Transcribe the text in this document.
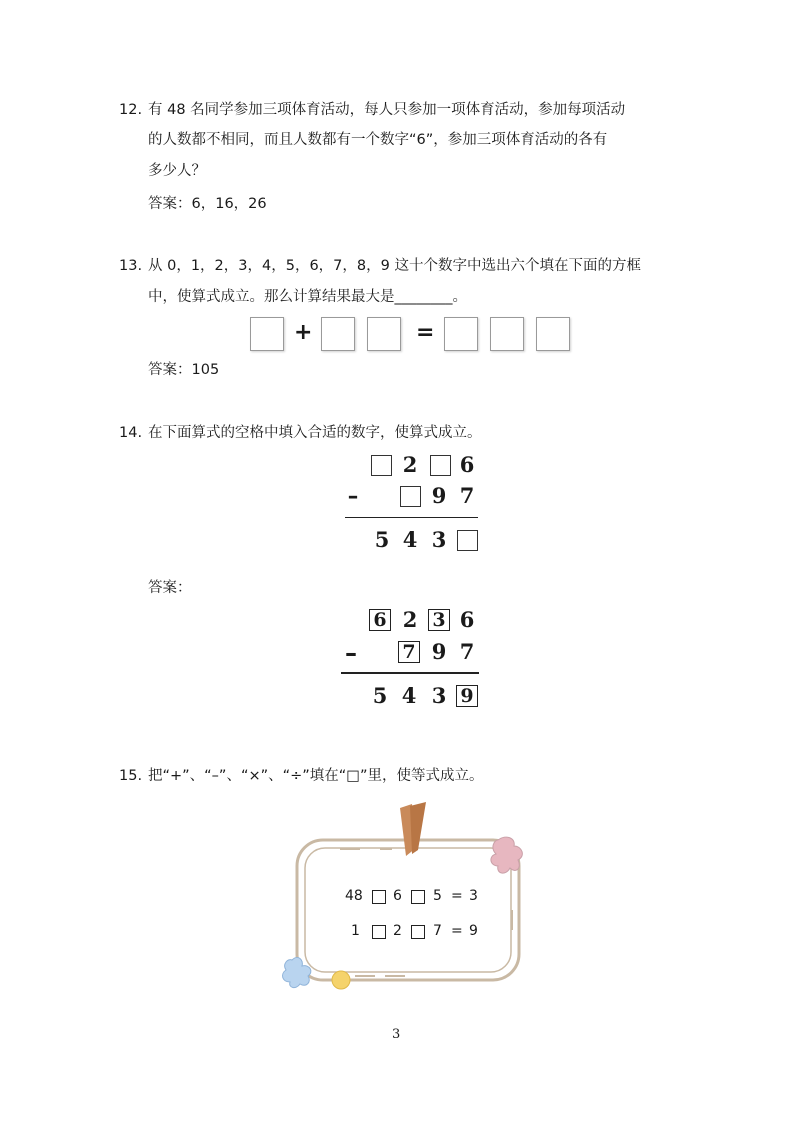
12. 有 48 名同学参加三项体育活动，每人只参加一项体育活动，参加每项活动
的人数都不相同，而且人数都有一个数字“6”，参加三项体育活动的各有
多少人？
答案：6，16，26
13. 从 0，1，2，3，4，5，6，7，8，9 这十个数字中选出六个填在下面的方框
中，使算式成立。那么计算结果最大是________。
+	=
答案：105
14. 在下面算式的空格中填入合适的数字，使算式成立。
2 6
–	9 7
5 4 3
答案：
6 2 3 6
– 7 9 7
5 4 3 9
15. 把“+”、“–”、“×”、“÷”填在“□”里，使等式成立。
48 6 5 = 3
1 2 7 = 9
3
